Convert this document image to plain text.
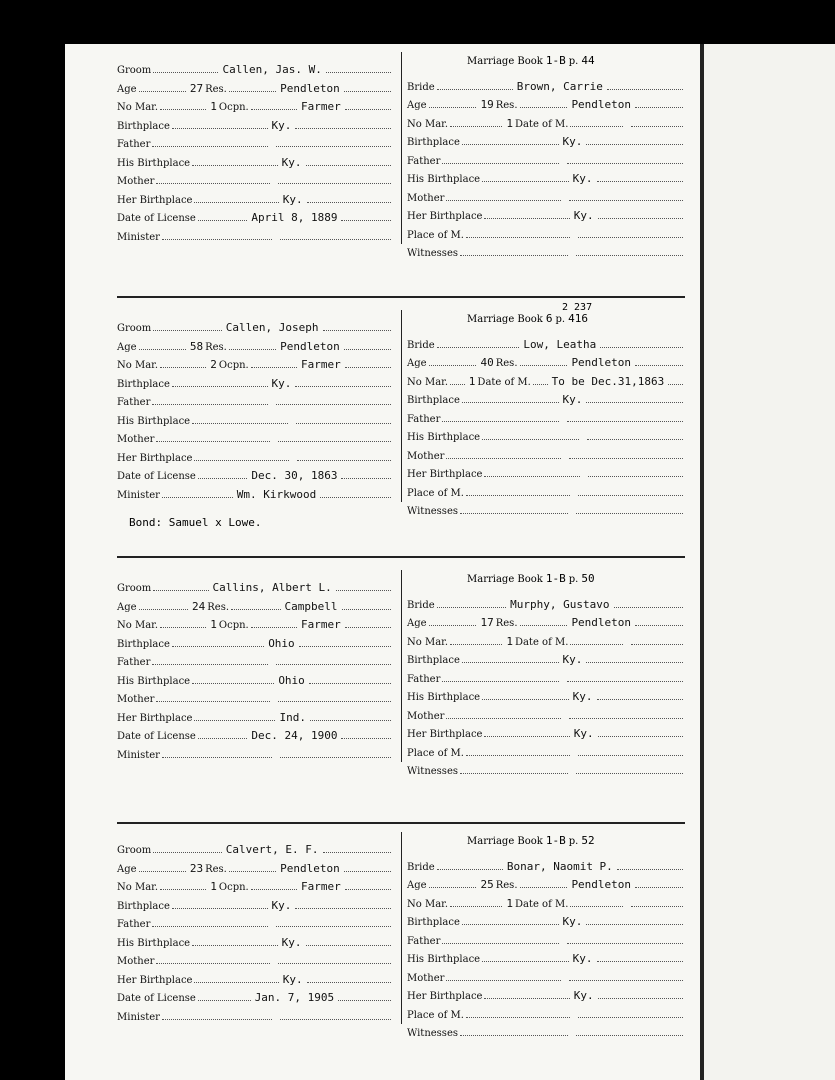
Groom	Callen, Jas. W.
Age	27 Res.	Pendleton
No Mar.	1 Ocpn.	Farmer
Birthplace	Ky.
Father
His Birthplace	Ky.
Mother
Her Birthplace	Ky.
Date of License	April 8, 1889
Minister
Marriage Book 1-B p. 44
Bride	Brown, Carrie
Age	19 Res.	Pendleton
No Mar.	1 Date of M.
Birthplace	Ky.
Father
His Birthplace	Ky.
Mother
Her Birthplace	Ky.
Place of M.
Witnesses
Groom	Callen, Joseph
Age	58 Res.	Pendleton
No Mar.	2 Ocpn.	Farmer
Birthplace	Ky.
Father
His Birthplace
Mother
Her Birthplace
Date of License	Dec. 30, 1863
Minister	Wm. Kirkwood
2 237
Marriage Book 6 p. 416
Bride	Low, Leatha
Age	40 Res.	Pendleton
No Mar. 1 Date of M. To be Dec.31,1863
Birthplace	Ky.
Father
His Birthplace
Mother
Her Birthplace
Place of M.
Witnesses
Bond: Samuel x Lowe.
Groom	Callins, Albert L.
Age	24 Res.	Campbell
No Mar.	1 Ocpn.	Farmer
Birthplace	Ohio
Father
His Birthplace	Ohio
Mother
Her Birthplace	Ind.
Date of License	Dec. 24, 1900
Minister
Marriage Book 1-B p. 50
Bride	Murphy, Gustavo
Age	17 Res.	Pendleton
No Mar.	1 Date of M.
Birthplace	Ky.
Father
His Birthplace	Ky.
Mother
Her Birthplace	Ky.
Place of M.
Witnesses
Groom	Calvert, E. F.
Age	23 Res.	Pendleton
No Mar.	1 Ocpn.	Farmer
Birthplace	Ky.
Father
His Birthplace	Ky.
Mother
Her Birthplace	Ky.
Date of License	Jan. 7, 1905
Minister
Marriage Book 1-B p. 52
Bride	Bonar, Naomit P.
Age	25 Res.	Pendleton
No Mar.	1 Date of M.
Birthplace	Ky.
Father
His Birthplace	Ky.
Mother
Her Birthplace	Ky.
Place of M.
Witnesses
